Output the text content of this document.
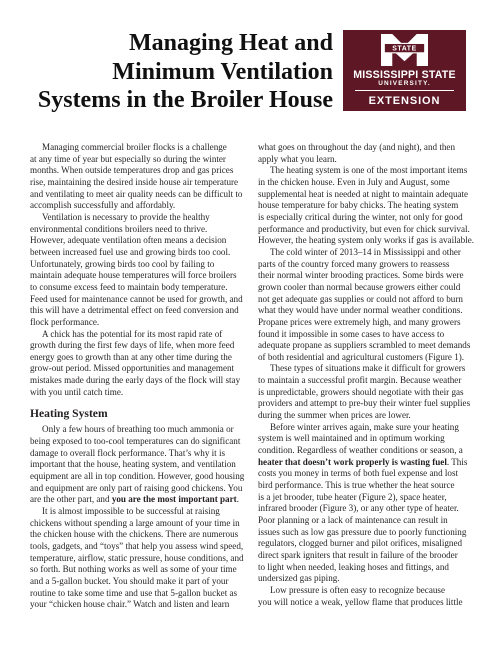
Managing Heat and
Minimum Ventilation
Systems in the Broiler House
STATE
MISSISSIPPI STATE
UNIVERSITY.
EXTENSION

Managing commercial broiler flocks is a challenge
at any time of year but especially so during the winter
months. When outside temperatures drop and gas prices
rise, maintaining the desired inside house air temperature
and ventilating to meet air quality needs can be difficult to
accomplish successfully and affordably.

Ventilation is necessary to provide the healthy
environmental conditions broilers need to thrive.
However, adequate ventilation often means a decision
between increased fuel use and growing birds too cool.
Unfortunately, growing birds too cool by failing to
maintain adequate house temperatures will force broilers
to consume excess feed to maintain body temperature.
Feed used for maintenance cannot be used for growth, and
this will have a detrimental effect on feed conversion and
flock performance.

A chick has the potential for its most rapid rate of
growth during the first few days of life, when more feed
energy goes to growth than at any other time during the
grow-out period. Missed opportunities and management
mistakes made during the early days of the flock will stay
with you until catch time.

Heating System

Only a few hours of breathing too much ammonia or
being exposed to too-cool temperatures can do significant
damage to overall flock performance. That’s why it is
important that the house, heating system, and ventilation
equipment are all in top condition. However, good housing
and equipment are only part of raising good chickens. You
are the other part, and you are the most important part.

It is almost impossible to be successful at raising
chickens without spending a large amount of your time in
the chicken house with the chickens. There are numerous
tools, gadgets, and “toys” that help you assess wind speed,
temperature, airflow, static pressure, house conditions, and
so forth. But nothing works as well as some of your time
and a 5-gallon bucket. You should make it part of your
routine to take some time and use that 5-gallon bucket as
your “chicken house chair.” Watch and listen and learn

what goes on throughout the day (and night), and then
apply what you learn.

The heating system is one of the most important items
in the chicken house. Even in July and August, some
supplemental heat is needed at night to maintain adequate
house temperature for baby chicks. The heating system
is especially critical during the winter, not only for good
performance and productivity, but even for chick survival.
However, the heating system only works if gas is available.

The cold winter of 2013–14 in Mississippi and other
parts of the country forced many growers to reassess
their normal winter brooding practices. Some birds were
grown cooler than normal because growers either could
not get adequate gas supplies or could not afford to burn
what they would have under normal weather conditions.
Propane prices were extremely high, and many growers
found it impossible in some cases to have access to
adequate propane as suppliers scrambled to meet demands
of both residential and agricultural customers (Figure 1).

These types of situations make it difficult for growers
to maintain a successful profit margin. Because weather
is unpredictable, growers should negotiate with their gas
providers and attempt to pre-buy their winter fuel supplies
during the summer when prices are lower.

Before winter arrives again, make sure your heating
system is well maintained and in optimum working
condition. Regardless of weather conditions or season, a
heater that doesn’t work properly is wasting fuel. This
costs you money in terms of both fuel expense and lost
bird performance. This is true whether the heat source
is a jet brooder, tube heater (Figure 2), space heater,
infrared brooder (Figure 3), or any other type of heater.
Poor planning or a lack of maintenance can result in
issues such as low gas pressure due to poorly functioning
regulators, clogged burner and pilot orifices, misaligned
direct spark igniters that result in failure of the brooder
to light when needed, leaking hoses and fittings, and
undersized gas piping.

Low pressure is often easy to recognize because
you will notice a weak, yellow flame that produces little
